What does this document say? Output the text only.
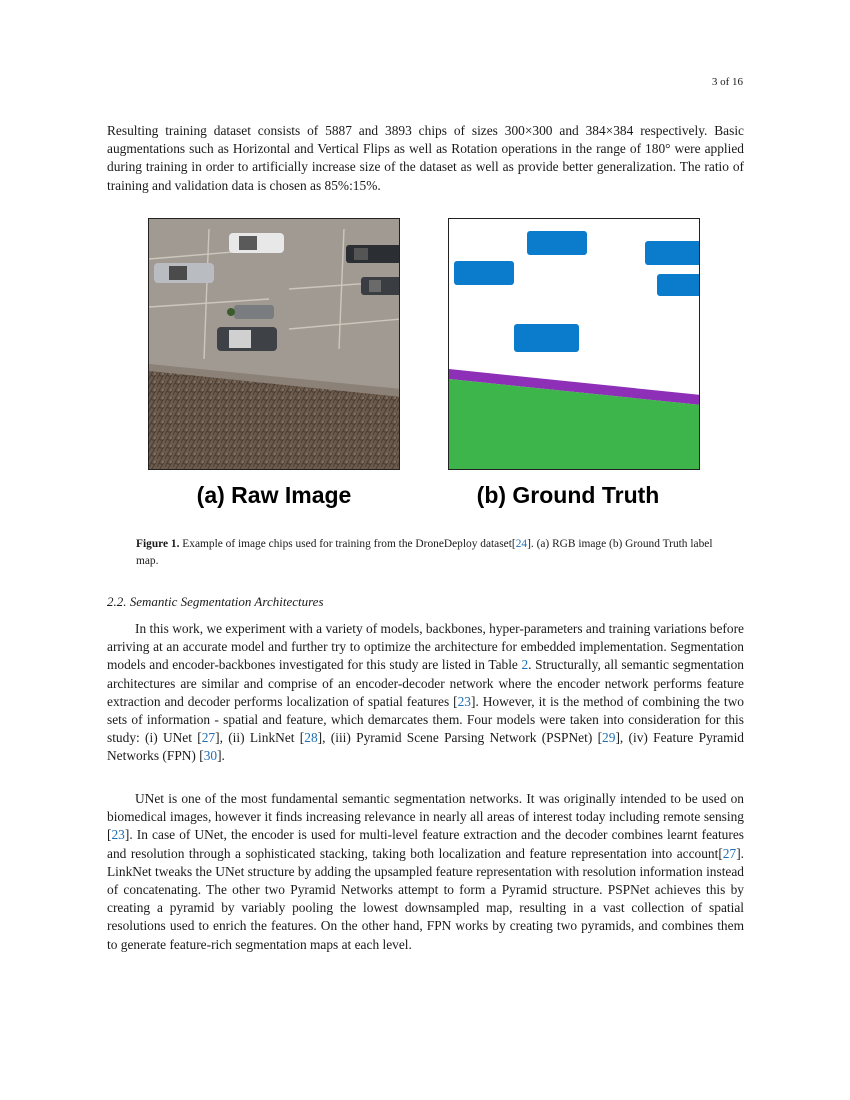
3 of 16

Resulting training dataset consists of 5887 and 3893 chips of sizes 300×300 and 384×384 respectively. Basic augmentations such as Horizontal and Vertical Flips as well as Rotation operations in the range of 180° were applied during training in order to artificially increase size of the dataset as well as provide better generalization. The ratio of training and validation data is chosen as 85%:15%.

(a) Raw Image	(b) Ground Truth

Figure 1. Example of image chips used for training from the DroneDeploy dataset[24]. (a) RGB image (b) Ground Truth label map.

2.2. Semantic Segmentation Architectures

In this work, we experiment with a variety of models, backbones, hyper-parameters and training variations before arriving at an accurate model and further try to optimize the architecture for embedded implementation. Segmentation models and encoder-backbones investigated for this study are listed in Table 2. Structurally, all semantic segmentation architectures are similar and comprise of an encoder-decoder network where the encoder network performs feature extraction and decoder performs localization of spatial features [23]. However, it is the method of combining the two sets of information - spatial and feature, which demarcates them. Four models were taken into consideration for this study: (i) UNet [27], (ii) LinkNet [28], (iii) Pyramid Scene Parsing Network (PSPNet) [29], (iv) Feature Pyramid Networks (FPN) [30].

UNet is one of the most fundamental semantic segmentation networks. It was originally intended to be used on biomedical images, however it finds increasing relevance in nearly all areas of interest today including remote sensing [23]. In case of UNet, the encoder is used for multi-level feature extraction and the decoder combines learnt features and resolution through a sophisticated stacking, taking both localization and feature representation into account[27]. LinkNet tweaks the UNet structure by adding the upsampled feature representation with resolution information instead of concatenating. The other two Pyramid Networks attempt to form a Pyramid structure. PSPNet achieves this by creating a pyramid by variably pooling the lowest downsampled map, resulting in a vast collection of spatial resolutions used to enrich the features. On the other hand, FPN works by creating two pyramids, and combines them to generate feature-rich segmentation maps at each level.
